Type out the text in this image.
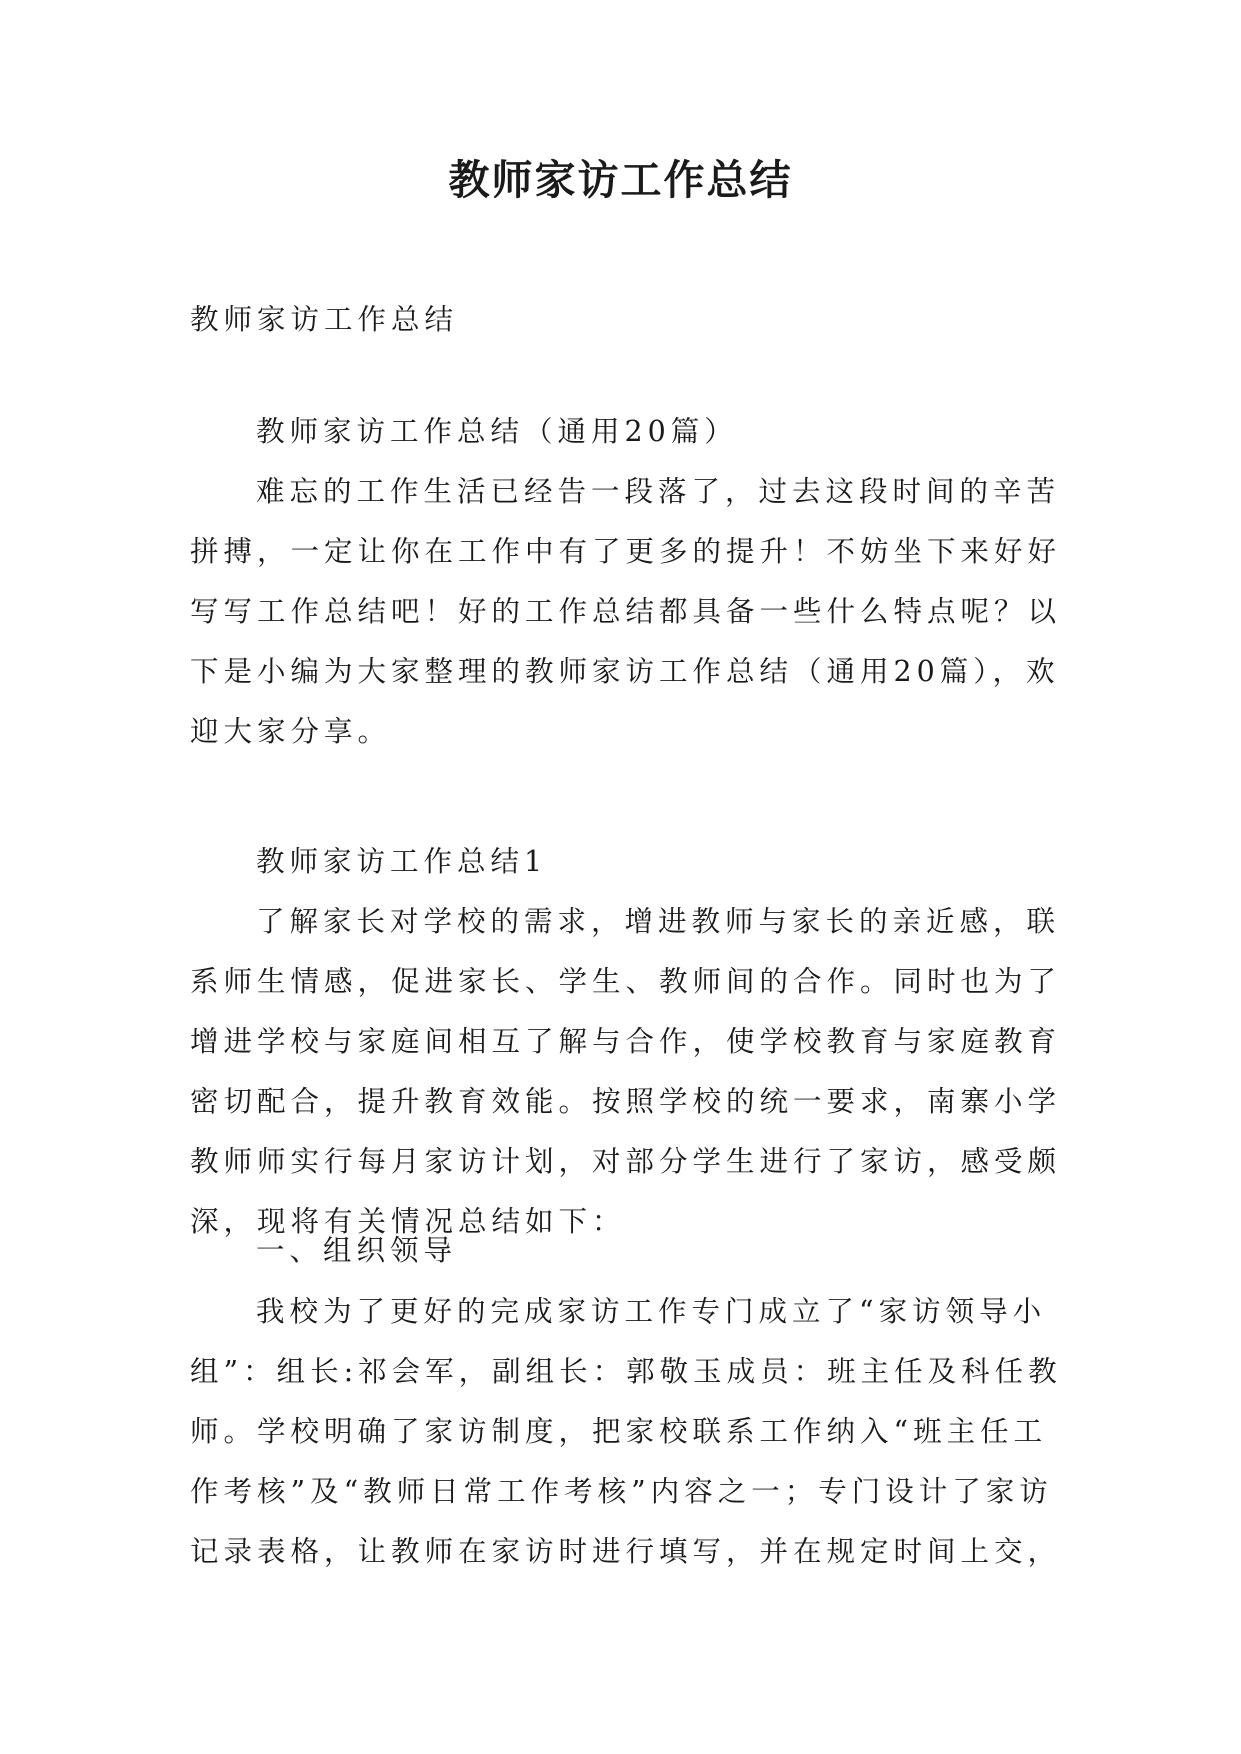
教师家访工作总结

教师家访工作总结

教师家访工作总结（通用20篇）

难忘的工作生活已经告一段落了，过去这段时间的辛苦拼搏，一定让你在工作中有了更多的提升！不妨坐下来好好写写工作总结吧！好的工作总结都具备一些什么特点呢？以下是小编为大家整理的教师家访工作总结（通用20篇），欢迎大家分享。

教师家访工作总结1

了解家长对学校的需求，增进教师与家长的亲近感，联系师生情感，促进家长、学生、教师间的合作。同时也为了增进学校与家庭间相互了解与合作，使学校教育与家庭教育密切配合，提升教育效能。按照学校的统一要求，南寨小学教师师实行每月家访计划，对部分学生进行了家访，感受颇深，现将有关情况总结如下：

一、组织领导

我校为了更好的完成家访工作专门成立了“家访领导小组”：组长:祁会军，副组长：郭敬玉成员：班主任及科任教师。学校明确了家访制度，把家校联系工作纳入“班主任工作考核”及“教师日常工作考核”内容之一；专门设计了家访记录表格，让教师在家访时进行填写，并在规定时间上交，
